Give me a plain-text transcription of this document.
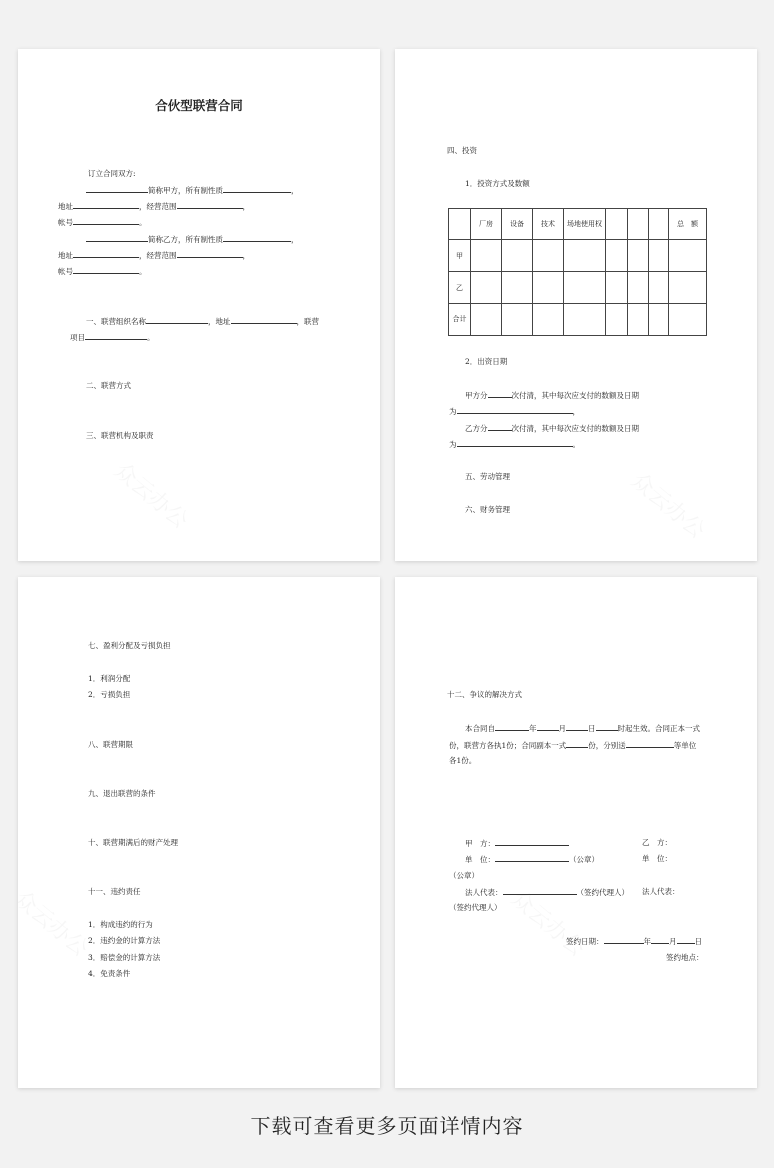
合伙型联营合同
订立合同双方:
简称甲方，所有制性质	，
地址	，经营范围	，
帐号	。
简称乙方，所有制性质	，
地址	，经营范围	，
帐号	。
一、联营组织名称	，地址	，联营
项目	。
二、联营方式
三、联营机构及职责
四、投资
1．投资方式及数额
	厂房	设备	技术	场地使用权				总　额
甲								
乙								
合计								
2．出资日期
甲方分	次付清，其中每次应支付的数额及日期
为	，
乙方分	次付清，其中每次应支付的数额及日期
为	。
五、劳动管理
六、财务管理
七、盈利分配及亏损负担
1．利润分配
2．亏损负担
八、联营期限
九、退出联营的条件
十、联营期满后的财产处理
十一、违约责任
1．构成违约的行为
2．违约金的计算方法
3．赔偿金的计算方法
4．免责条件
十二、争议的解决方式
本合同自	年	月	日	时起生效。合同正本一式
份，联营方各执1份；合同副本一式	份，分别送	等单位
各1份。
甲　方：	乙　方：
单　位：	（公章）	单　位：
（公章）
法人代表：	（签约代理人） 法人代表：
（签约代理人）
签约日期：	年 月 日
签约地点：
下载可查看更多页面详情内容
